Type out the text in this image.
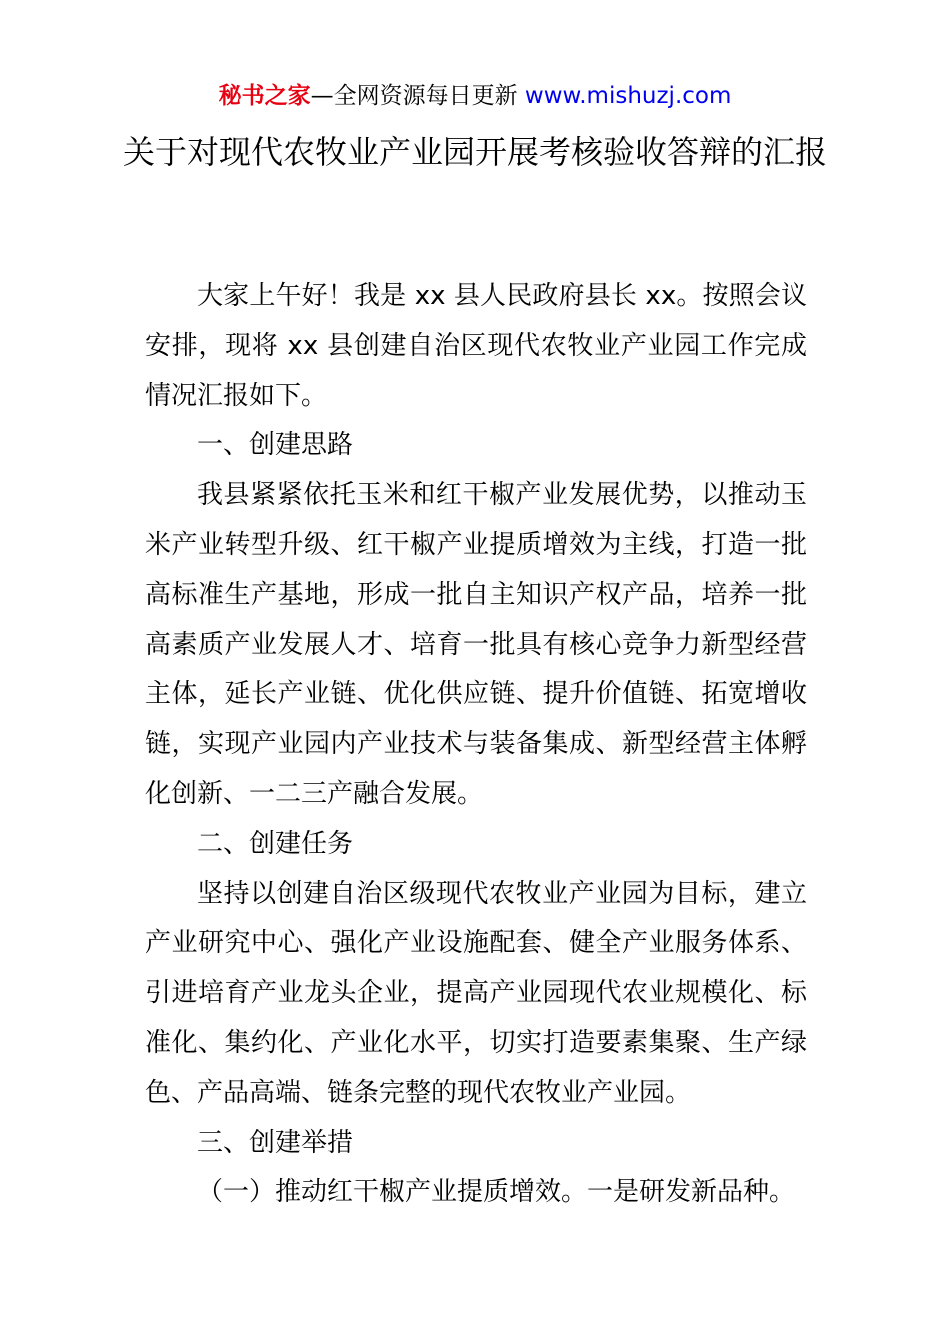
秘书之家—全网资源每日更新 www.mishuzj.com
关于对现代农牧业产业园开展考核验收答辩的汇报

大家上午好！我是 xx 县人民政府县长 xx。按照会议安排，现将 xx 县创建自治区现代农牧业产业园工作完成情况汇报如下。

一、创建思路

我县紧紧依托玉米和红干椒产业发展优势，以推动玉米产业转型升级、红干椒产业提质增效为主线，打造一批高标准生产基地，形成一批自主知识产权产品，培养一批高素质产业发展人才、培育一批具有核心竞争力新型经营主体，延长产业链、优化供应链、提升价值链、拓宽增收链，实现产业园内产业技术与装备集成、新型经营主体孵化创新、一二三产融合发展。

二、创建任务

坚持以创建自治区级现代农牧业产业园为目标，建立产业研究中心、强化产业设施配套、健全产业服务体系、引进培育产业龙头企业，提高产业园现代农业规模化、标准化、集约化、产业化水平，切实打造要素集聚、生产绿色、产品高端、链条完整的现代农牧业产业园。

三、创建举措

（一）推动红干椒产业提质增效。一是研发新品种。
